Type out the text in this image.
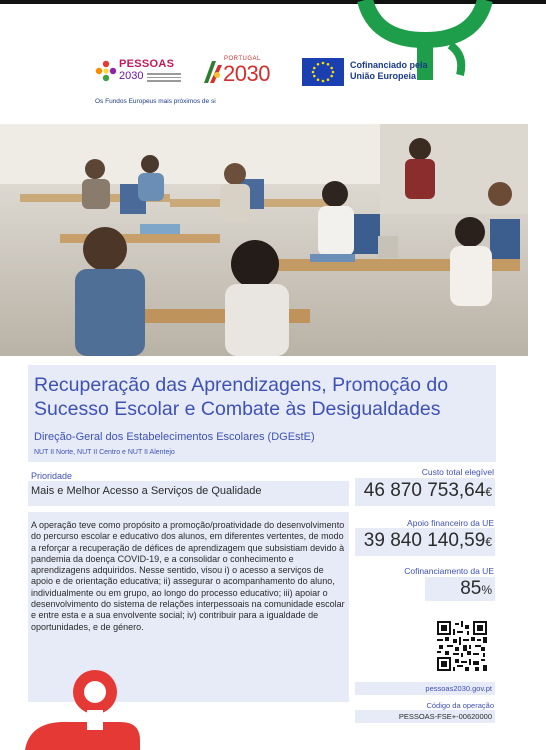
PESSOAS
2030
Os Fundos Europeus mais próximos de si
PORTUGAL
2030	Cofinanciado pela União Europeia
Recuperação das Aprendizagens, Promoção do Sucesso Escolar e Combate às Desigualdades
Direção-Geral dos Estabelecimentos Escolares (DGEstE)
NUT II Norte, NUT II Centro e NUT II Alentejo
Prioridade
Mais e Melhor Acesso a Serviços de Qualidade
A operação teve como propósito a promoção/proatividade do desenvolvimento do percurso escolar e educativo dos alunos, em diferentes vertentes, de modo a reforçar a recuperação de défices de aprendizagem que subsistiam devido à pandemia da doença COVID-19, e a consolidar o conhecimento e aprendizagens adquiridos. Nesse sentido, visou i) o acesso a serviços de apoio e de orientação educativa; ii) assegurar o acompanhamento do aluno, individualmente ou em grupo, ao longo do processo educativo; iii) apoiar o desenvolvimento do sistema de relações interpessoais na comunidade escolar e entre esta e a sua envolvente social; iv) contribuir para a igualdade de oportunidades, e de género.
Custo total elegível
46 870 753,64€
Apoio financeiro da UE
39 840 140,59€
Cofinanciamento da UE
85%
pessoas2030.gov.pt
Código da operação
PESSOAS-FSE+-00620000
